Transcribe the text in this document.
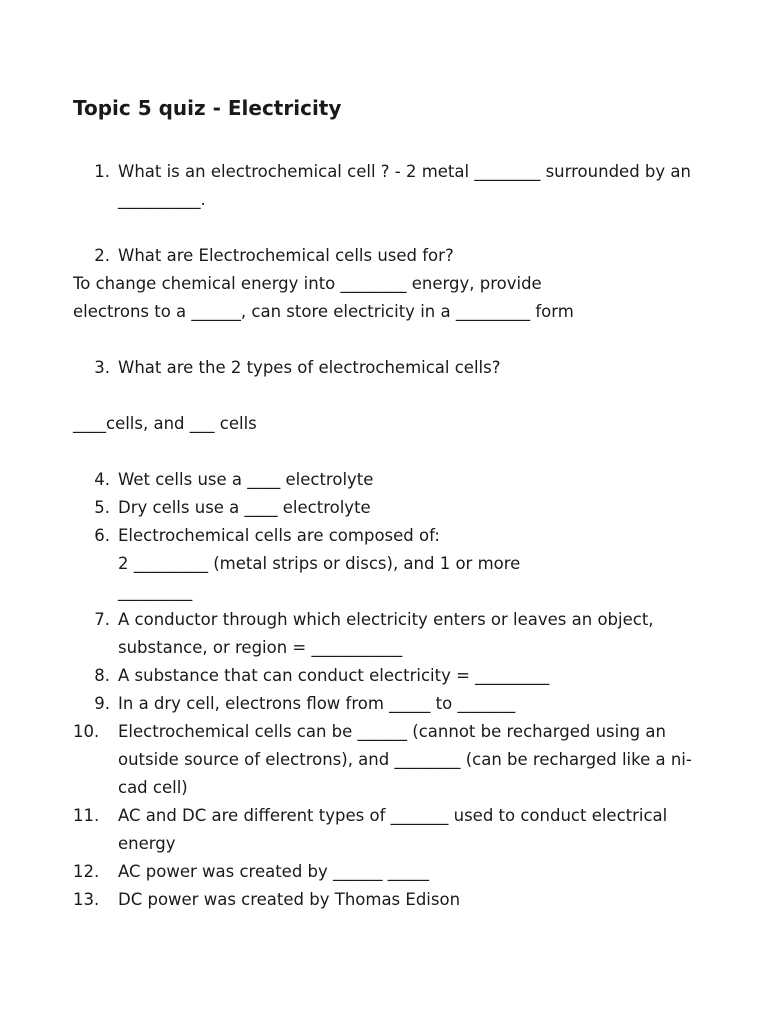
Topic 5 quiz - Electricity
1. What is an electrochemical cell ? - 2 metal ________ surrounded by an __________.
2. What are Electrochemical cells used for?
To change chemical energy into ________ energy, provide
electrons to a ______, can store electricity in a _________ form
3. What are the 2 types of electrochemical cells?
____cells, and ___ cells
4. Wet cells use a ____ electrolyte
5. Dry cells use a ____ electrolyte
6. Electrochemical cells are composed of:
2 _________ (metal strips or discs), and 1 or more
_________
7. A conductor through which electricity enters or leaves an object, substance, or region = ___________
8. A substance that can conduct electricity = _________
9. In a dry cell, electrons flow from _____ to _______
10.	Electrochemical cells can be ______ (cannot be recharged using an outside source of electrons), and ________ (can be recharged like a ni-cad cell)
11.	AC and DC are different types of _______ used to conduct electrical energy
12.	AC power was created by ______ _____
13.	DC power was created by Thomas Edison
